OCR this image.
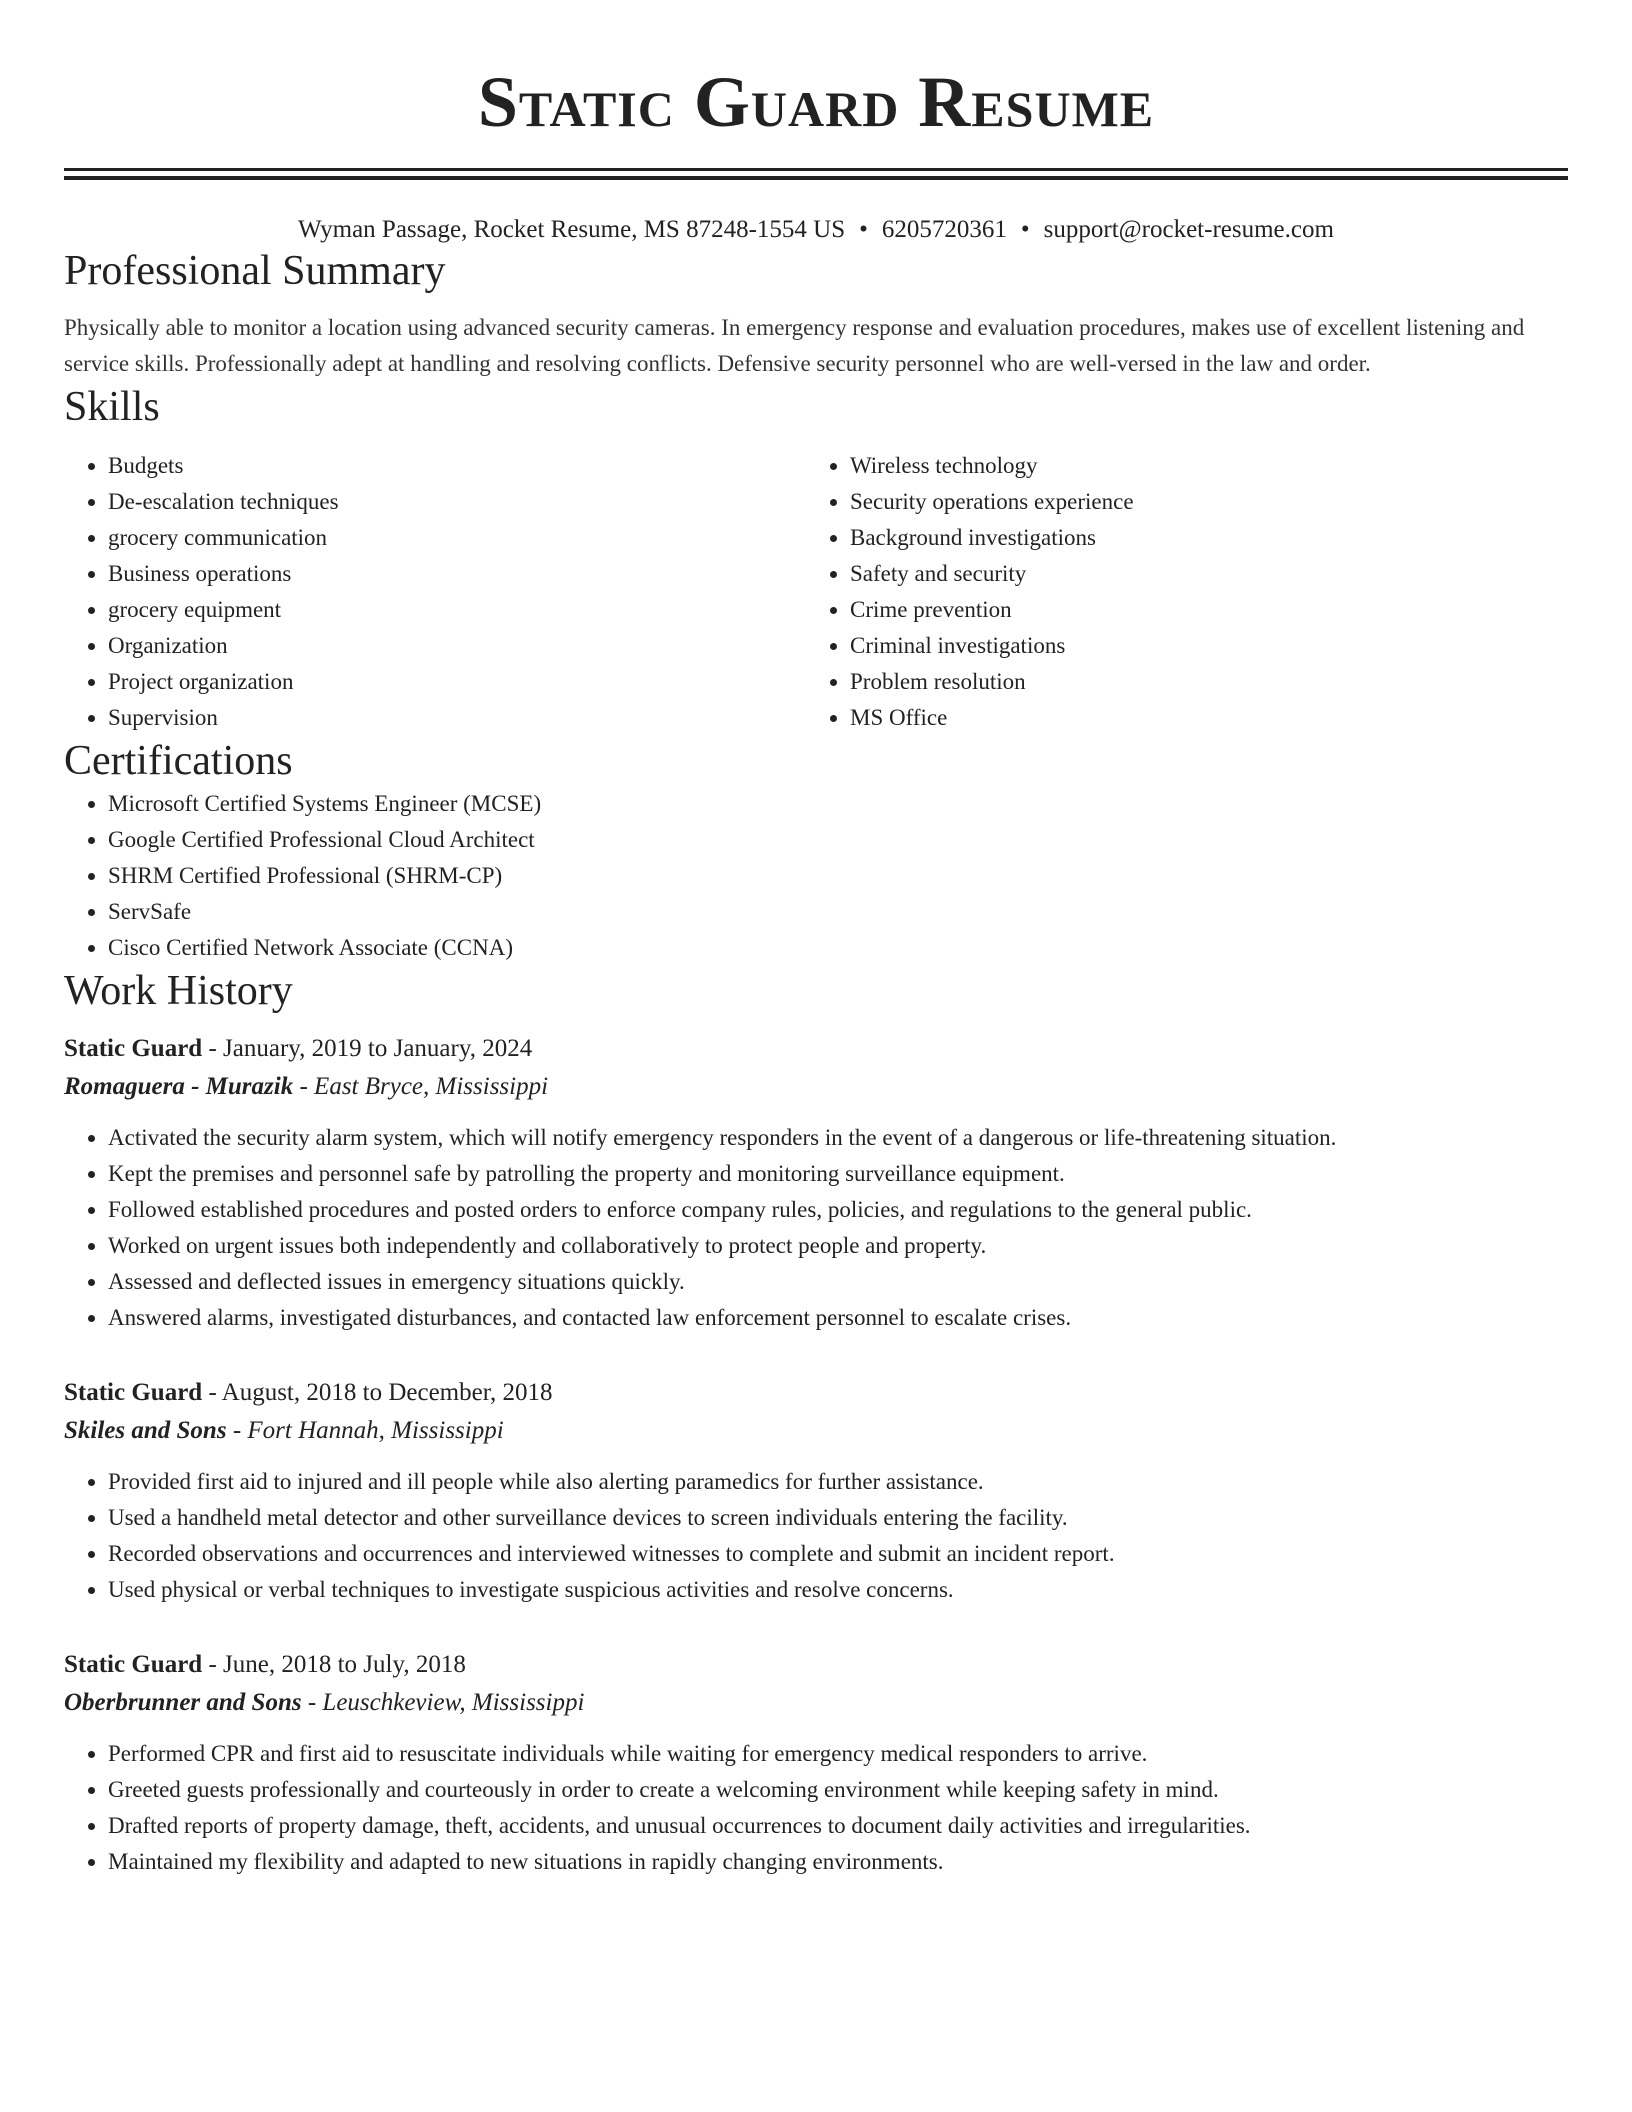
Static Guard Resume
Wyman Passage, Rocket Resume, MS 87248-1554 US • 6205720361 • support@rocket-resume.com
Professional Summary
Physically able to monitor a location using advanced security cameras. In emergency response and evaluation procedures, makes use of excellent listening and service skills. Professionally adept at handling and resolving conflicts. Defensive security personnel who are well-versed in the law and order.
Skills
• Budgets
• De-escalation techniques
• grocery communication
• Business operations
• grocery equipment
• Organization
• Project organization
• Supervision
• Wireless technology
• Security operations experience
• Background investigations
• Safety and security
• Crime prevention
• Criminal investigations
• Problem resolution
• MS Office
Certifications
• Microsoft Certified Systems Engineer (MCSE)
• Google Certified Professional Cloud Architect
• SHRM Certified Professional (SHRM-CP)
• ServSafe
• Cisco Certified Network Associate (CCNA)
Work History
Static Guard - January, 2019 to January, 2024
Romaguera - Murazik - East Bryce, Mississippi
• Activated the security alarm system, which will notify emergency responders in the event of a dangerous or life-threatening situation.
• Kept the premises and personnel safe by patrolling the property and monitoring surveillance equipment.
• Followed established procedures and posted orders to enforce company rules, policies, and regulations to the general public.
• Worked on urgent issues both independently and collaboratively to protect people and property.
• Assessed and deflected issues in emergency situations quickly.
• Answered alarms, investigated disturbances, and contacted law enforcement personnel to escalate crises.
Static Guard - August, 2018 to December, 2018
Skiles and Sons - Fort Hannah, Mississippi
• Provided first aid to injured and ill people while also alerting paramedics for further assistance.
• Used a handheld metal detector and other surveillance devices to screen individuals entering the facility.
• Recorded observations and occurrences and interviewed witnesses to complete and submit an incident report.
• Used physical or verbal techniques to investigate suspicious activities and resolve concerns.
Static Guard - June, 2018 to July, 2018
Oberbrunner and Sons - Leuschkeview, Mississippi
• Performed CPR and first aid to resuscitate individuals while waiting for emergency medical responders to arrive.
• Greeted guests professionally and courteously in order to create a welcoming environment while keeping safety in mind.
• Drafted reports of property damage, theft, accidents, and unusual occurrences to document daily activities and irregularities.
• Maintained my flexibility and adapted to new situations in rapidly changing environments.
